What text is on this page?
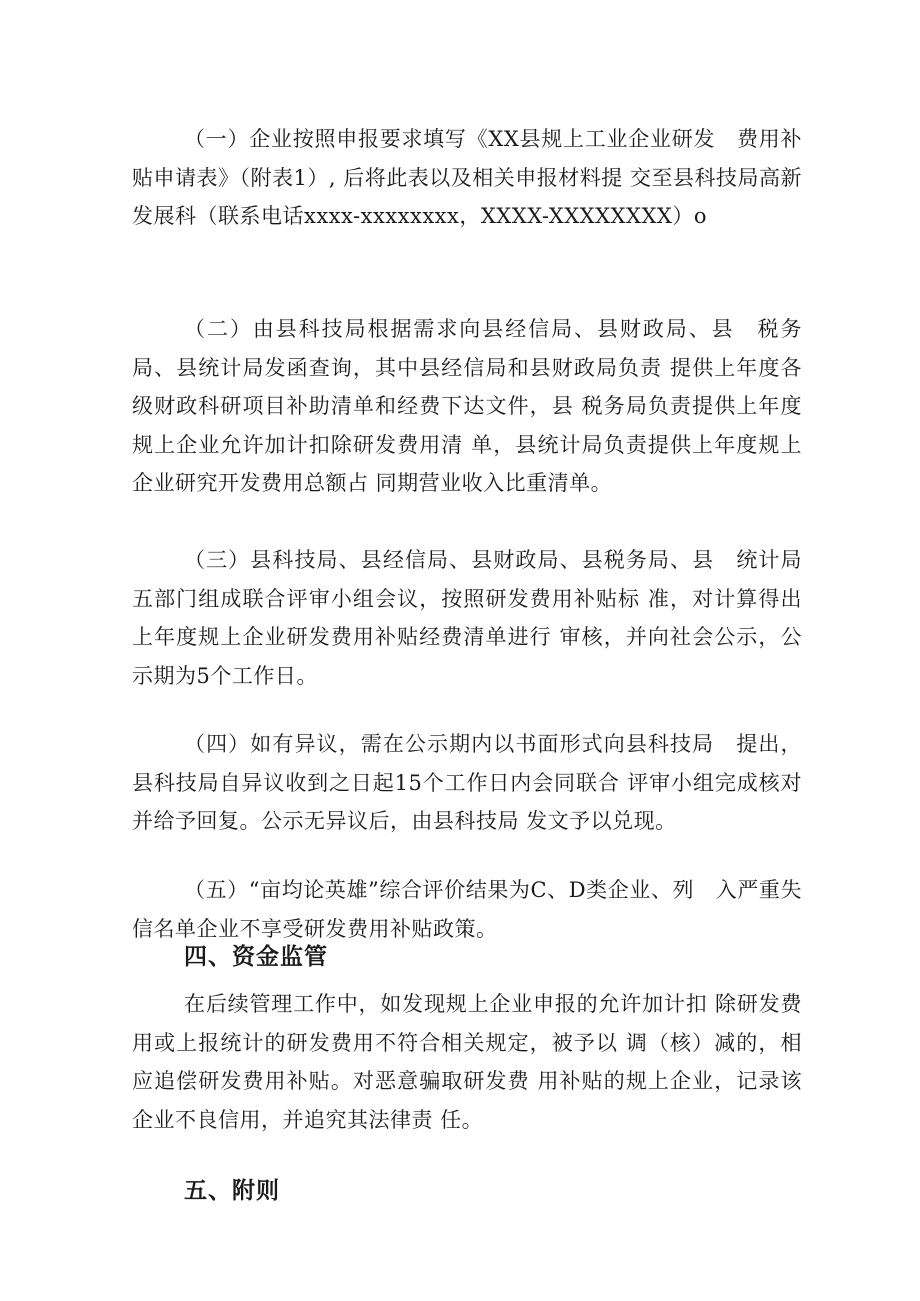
（一）企业按照申报要求填写《XX县规上工业企业研发　费用补贴申请表》（附表1）, 后将此表以及相关申报材料提 交至县科技局高新发展科（联系电话xxxx-xxxxxxxx，XXXX-XXXXXXXX）o

（二）由县科技局根据需求向县经信局、县财政局、县　税务局、县统计局发函查询，其中县经信局和县财政局负责 提供上年度各级财政科研项目补助清单和经费下达文件，县 税务局负责提供上年度规上企业允许加计扣除研发费用清 单，县统计局负责提供上年度规上企业研究开发费用总额占 同期营业收入比重清单。

（三）县科技局、县经信局、县财政局、县税务局、县　统计局五部门组成联合评审小组会议，按照研发费用补贴标 准，对计算得出上年度规上企业研发费用补贴经费清单进行 审核，并向社会公示，公示期为5个工作日。

（四）如有异议，需在公示期内以书面形式向县科技局　提出，县科技局自异议收到之日起15个工作日内会同联合 评审小组完成核对并给予回复。公示无异议后，由县科技局 发文予以兑现。

（五）“亩均论英雄”综合评价结果为C、D类企业、列　入严重失信名单企业不享受研发费用补贴政策。

四、资金监管

在后续管理工作中，如发现规上企业申报的允许加计扣 除研发费用或上报统计的研发费用不符合相关规定，被予以 调（核）减的，相应追偿研发费用补贴。对恶意骗取研发费 用补贴的规上企业，记录该企业不良信用，并追究其法律责 任。

五、附则
